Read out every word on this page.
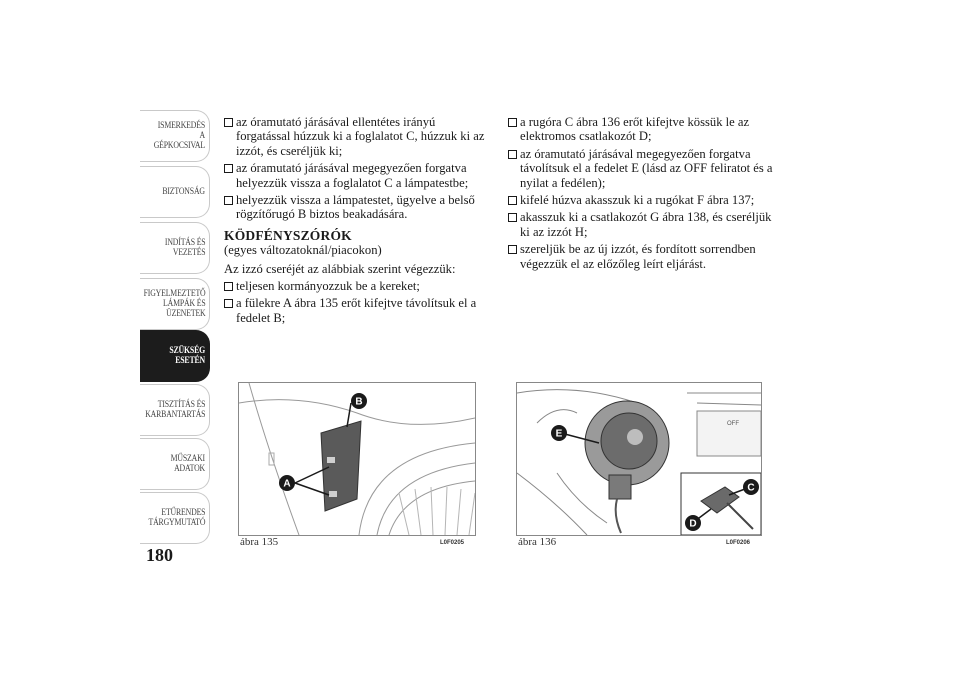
ISMERKEDÉS A
GÉPKOCSIVAL
BIZTONSÁG
INDÍTÁS ÉS
VEZETÉS
FIGYELMEZTETŐ
LÁMPÁK ÉS
ÜZENETEK
SZÜKSÉG ESETÉN
TISZTÍTÁS ÉS
KARBANTARTÁS
MŰSZAKI ADATOK
ETŰRENDES
TÁRGYMUTATÓ
180
az óramutató járásával ellentétes irányú forgatással húzzuk ki a foglalatot C, húzzuk ki az izzót, és cseréljük ki;
az óramutató járásával megegyezően forgatva helyezzük vissza a foglalatot C a lámpatestbe;
helyezzük vissza a lámpatestet, ügyelve a belső rögzítőrugó B biztos beakadására.
KÖDFÉNYSZÓRÓK
(egyes változatoknál/piacokon)
Az izzó cseréjét az alábbiak szerint végezzük:
teljesen kormányozzuk be a kereket;
a fülekre A ábra 135 erőt kifejtve távolítsuk el a fedelet B;
a rugóra C ábra 136 erőt kifejtve kössük le az elektromos csatlakozót D;
az óramutató járásával megegyezően forgatva távolítsuk el a fedelet E (lásd az OFF feliratot és a nyilat a fedélen);
kifelé húzva akasszuk ki a rugókat F ábra 137;
akasszuk ki a csatlakozót G ábra 138, és cseréljük ki az izzót H;
szereljük be az új izzót, és fordított sorrendben végezzük el az előzőleg leírt eljárást.
B
A
ábra 135	L0F0205
OFF
E
C
D
ábra 136	L0F0206
